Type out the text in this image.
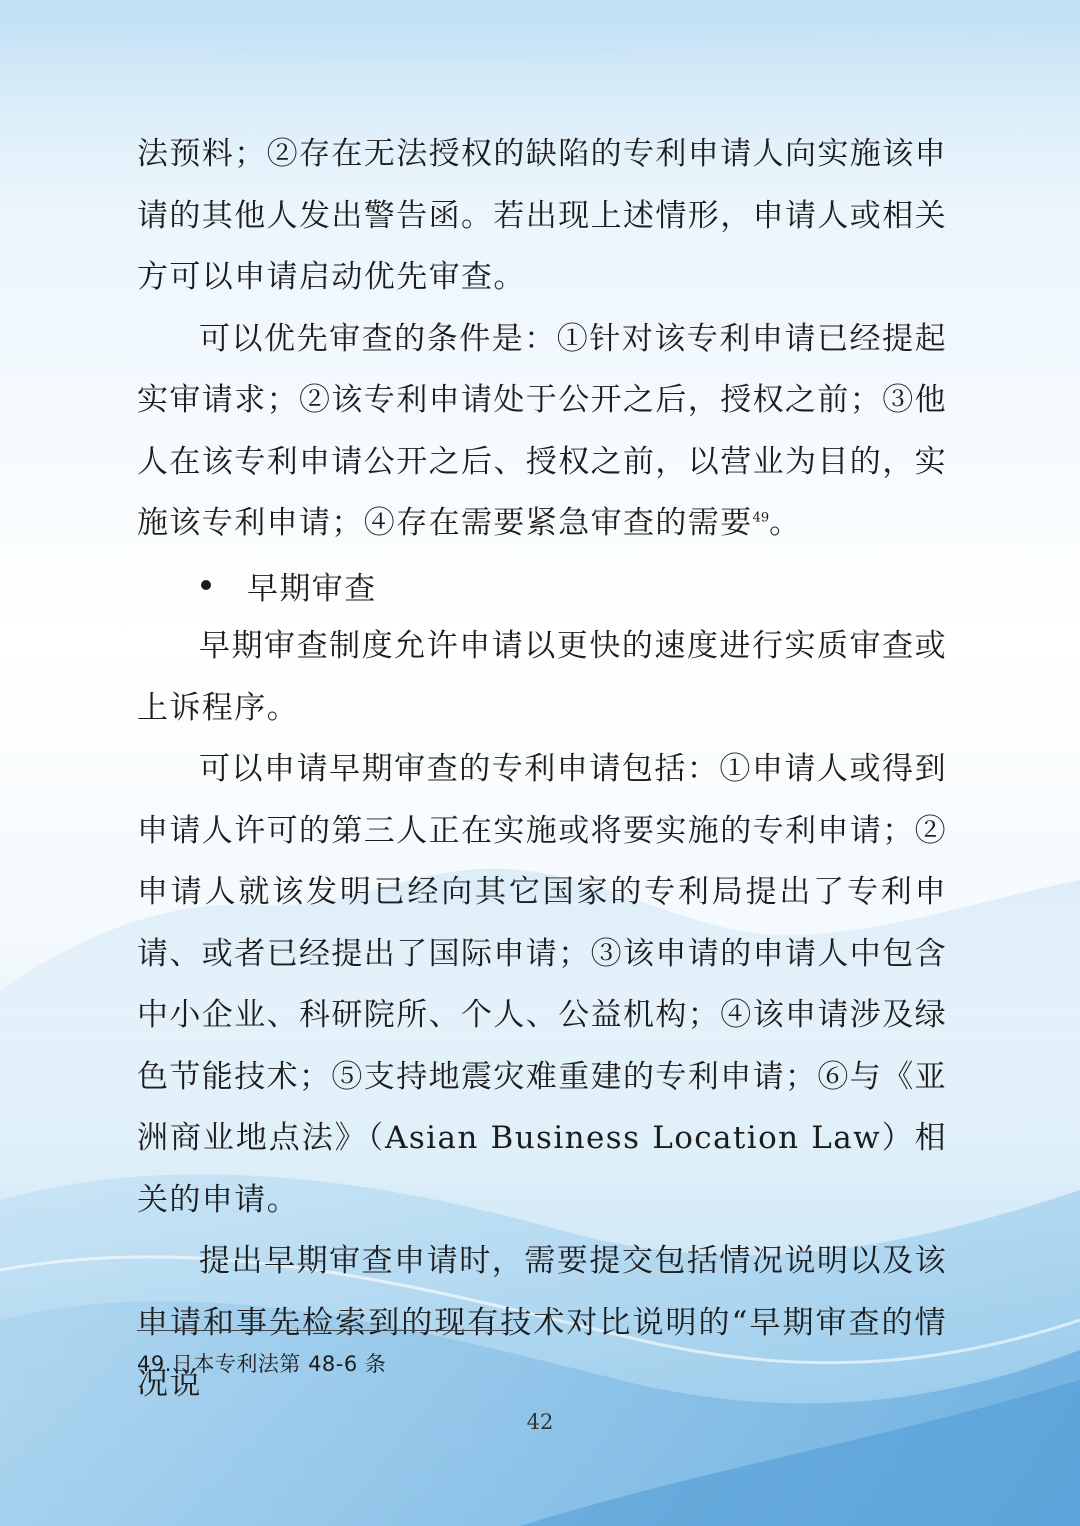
法预料；②存在无法授权的缺陷的专利申请人向实施该申请的其他人发出警告函。若出现上述情形，申请人或相关方可以申请启动优先审查。

可以优先审查的条件是：①针对该专利申请已经提起实审请求；②该专利申请处于公开之后，授权之前；③他人在该专利申请公开之后、授权之前，以营业为目的，实施该专利申请；④存在需要紧急审查的需要$^{49}$。

早期审查

早期审查制度允许申请以更快的速度进行实质审查或上诉程序。

可以申请早期审查的专利申请包括：①申请人或得到申请人许可的第三人正在实施或将要实施的专利申请；②申请人就该发明已经向其它国家的专利局提出了专利申请、或者已经提出了国际申请；③该申请的申请人中包含中小企业、科研院所、个人、公益机构；④该申请涉及绿色节能技术；⑤支持地震灾难重建的专利申请；⑥与《亚洲商业地点法》（Asian Business Location Law）相关的申请。

提出早期审查申请时，需要提交包括情况说明以及该申请和事先检索到的现有技术对比说明的“早期审查的情况说

49.日本专利法第 48-6 条
42
